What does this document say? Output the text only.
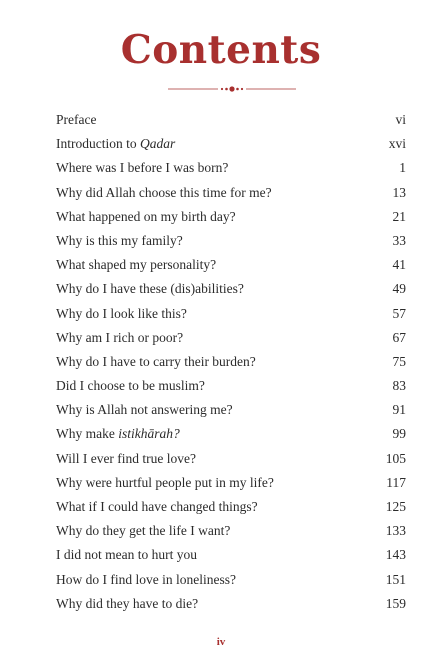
Contents
Preface	vi
Introduction to Qadar	xvi
Where was I before I was born?	1
Why did Allah choose this time for me?	13
What happened on my birth day?	21
Why is this my family?	33
What shaped my personality?	41
Why do I have these (dis)abilities?	49
Why do I look like this?	57
Why am I rich or poor?	67
Why do I have to carry their burden?	75
Did I choose to be muslim?	83
Why is Allah not answering me?	91
Why make istikhārah?	99
Will I ever find true love?	105
Why were hurtful people put in my life?	117
What if I could have changed things?	125
Why do they get the life I want?	133
I did not mean to hurt you	143
How do I find love in loneliness?	151
Why did they have to die?	159
iv
